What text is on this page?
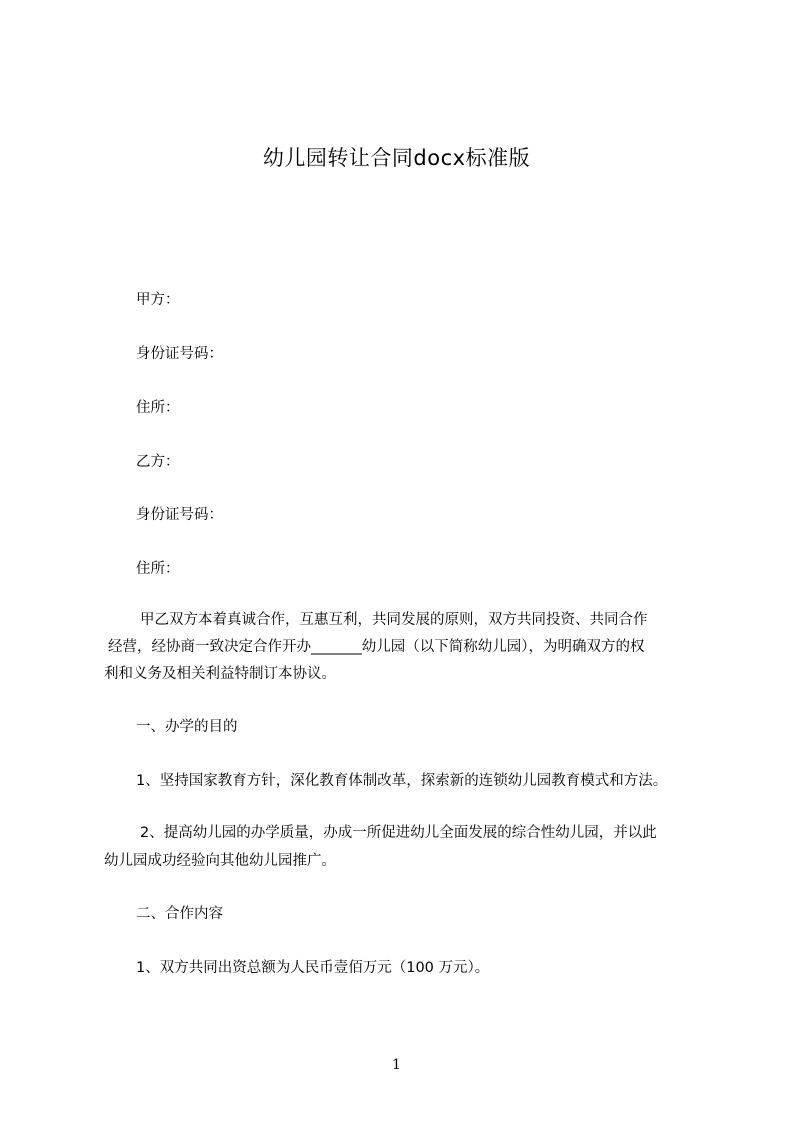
幼儿园转让合同docx标准版
甲方：
身份证号码：
住所：
乙方：
身份证号码：
住所：
甲乙双方本着真诚合作，互惠互利，共同发展的原则，双方共同投资、共同合作
经营，经协商一致决定合作开办_______幼儿园（以下简称幼儿园），为明确双方的权
利和义务及相关利益特制订本协议。
一、办学的目的
1、坚持国家教育方针，深化教育体制改革，探索新的连锁幼儿园教育模式和方法。
2、提高幼儿园的办学质量，办成一所促进幼儿全面发展的综合性幼儿园，并以此
幼儿园成功经验向其他幼儿园推广。
二、合作内容
1、双方共同出资总额为人民币壹佰万元（100 万元）。
1
